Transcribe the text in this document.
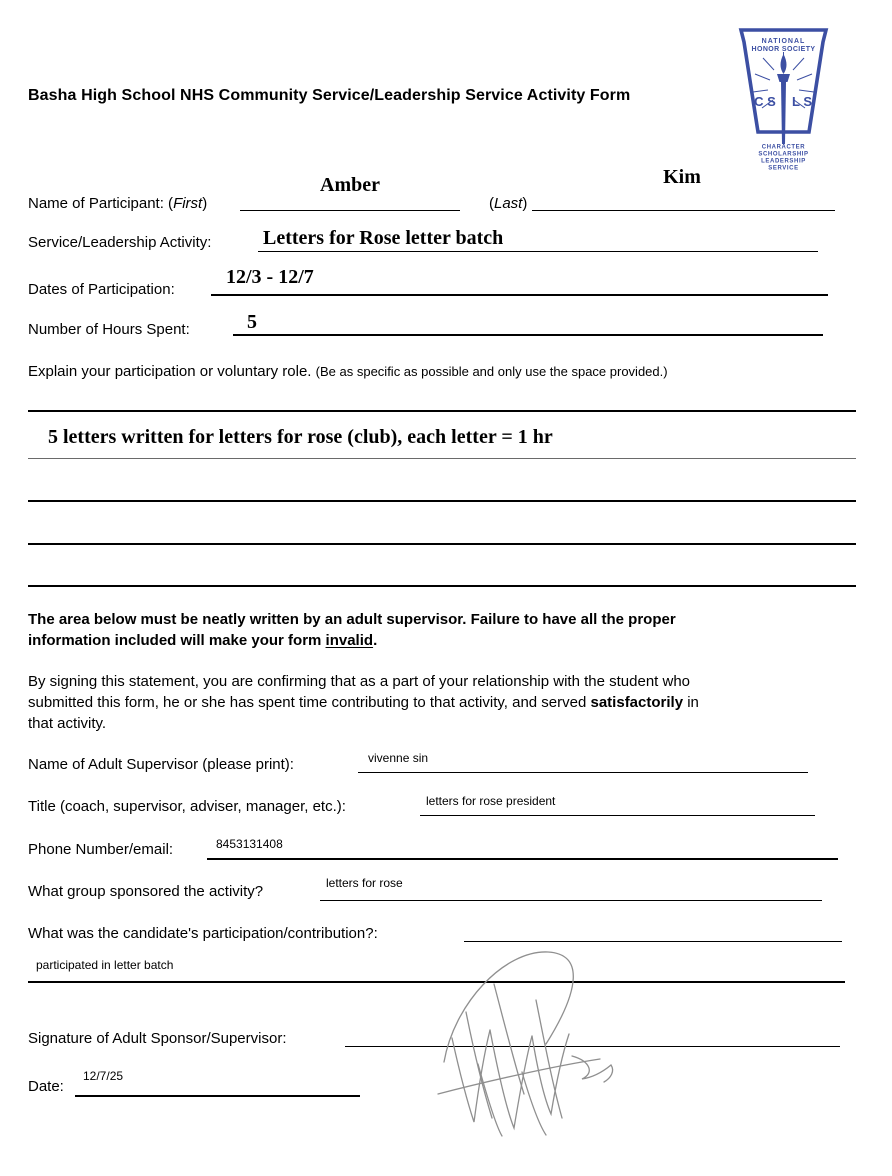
Basha High School NHS Community Service/Leadership Service Activity Form
NATIONAL
HONOR SOCIETY
C S L S
CHARACTER
SCHOLARSHIP
LEADERSHIP
SERVICE
Name of Participant: (First)
Amber
(Last)
Kim
Service/Leadership Activity:	Letters for Rose letter batch
Dates of Participation:
12/3 - 12/7
Number of Hours Spent:	5
Explain your participation or voluntary role. (Be as specific as possible and only use the space provided.)
5 letters written for letters for rose (club), each letter = 1 hr
The area below must be neatly written by an adult supervisor. Failure to have all the proper
information included will make your form invalid.
By signing this statement, you are confirming that as a part of your relationship with the student who
submitted this form, he or she has spent time contributing to that activity, and served satisfactorily in
that activity.
Name of Adult Supervisor (please print):	vivenne sin
Title (coach, supervisor, adviser, manager, etc.):	letters for rose president
Phone Number/email:	8453131408
What group sponsored the activity?	letters for rose
What was the candidate's participation/contribution?:
participated in letter batch
Signature of Adult Sponsor/Supervisor:
Date:
12/7/25
